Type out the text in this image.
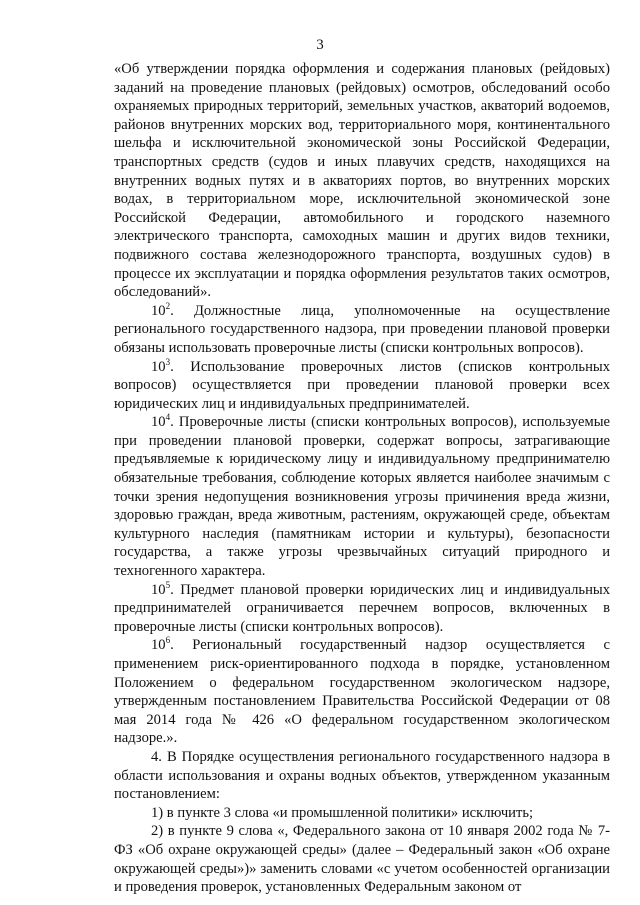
3

«Об утверждении порядка оформления и содержания плановых (рейдовых) заданий на проведение плановых (рейдовых) осмотров, обследований особо охраняемых природных территорий, земельных участков, акваторий водоемов, районов внутренних морских вод, территориального моря, континентального шельфа и исключительной экономической зоны Российской Федерации, транспортных средств (судов и иных плавучих средств, находящихся на внутренних водных путях и в акваториях портов, во внутренних морских водах, в территориальном море, исключительной экономической зоне Российской Федерации, автомобильного и городского наземного электрического транспорта, самоходных машин и других видов техники, подвижного состава железнодорожного транспорта, воздушных судов) в процессе их эксплуатации и порядка оформления результатов таких осмотров, обследований».

$10^2$. Должностные лица, уполномоченные на осуществление регионального государственного надзора, при проведении плановой проверки обязаны использовать проверочные листы (списки контрольных вопросов).

$10^3$. Использование проверочных листов (списков контрольных вопросов) осуществляется при проведении плановой проверки всех юридических лиц и индивидуальных предпринимателей.

$10^4$. Проверочные листы (списки контрольных вопросов), используемые при проведении плановой проверки, содержат вопросы, затрагивающие предъявляемые к юридическому лицу и индивидуальному предпринимателю обязательные требования, соблюдение которых является наиболее значимым с точки зрения недопущения возникновения угрозы причинения вреда жизни, здоровью граждан, вреда животным, растениям, окружающей среде, объектам культурного наследия (памятникам истории и культуры), безопасности государства, а также угрозы чрезвычайных ситуаций природного и техногенного характера.

$10^5$. Предмет плановой проверки юридических лиц и индивидуальных предпринимателей ограничивается перечнем вопросов, включенных в проверочные листы (списки контрольных вопросов).

$10^6$. Региональный государственный надзор осуществляется с применением риск-ориентированного подхода в порядке, установленном Положением о федеральном государственном экологическом надзоре, утвержденным постановлением Правительства Российской Федерации от 08 мая 2014 года № 426 «О федеральном государственном экологическом надзоре.».

4. В Порядке осуществления регионального государственного надзора в области использования и охраны водных объектов, утвержденном указанным постановлением:

1) в пункте 3 слова «и промышленной политики» исключить;

2) в пункте 9 слова «, Федерального закона от 10 января 2002 года № 7-ФЗ «Об охране окружающей среды» (далее – Федеральный закон «Об охране окружающей среды»)» заменить словами «с учетом особенностей организации и проведения проверок, установленных Федеральным законом от
